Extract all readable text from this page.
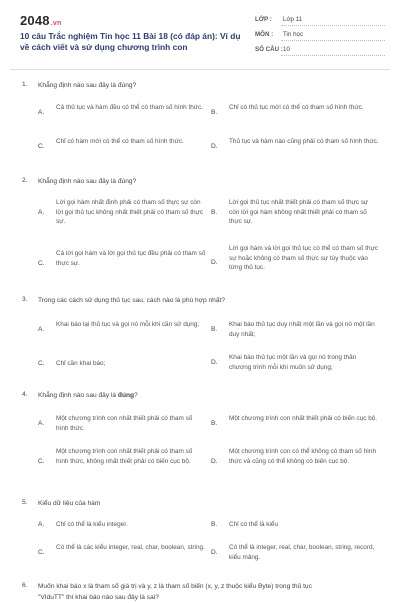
2048.vn
10 câu Trắc nghiệm Tin học 11 Bài 18 (có đáp án): Ví dụ về cách viết và sử dụng chương trình con
LỚP : Lớp 11
MÔN : Tin học
SỐ CÂU : 10
1. Khẳng định nào sau đây là đúng?
A.
Cả thủ tục và hàm đều có thể có tham số hình thức.
B.
Chỉ có thủ tục mới có thể có tham số hình thức.
C.
Chỉ có hàm mới có thể có tham số hình thức.
D.
Thủ tục và hàm nào cũng phải có tham số hình thức.
2. Khẳng định nào sau đây là đúng?
A.
Lời gọi hàm nhất định phải có tham số thực sự còn lời gọi thủ tục không nhất thiết phải có tham số thực sự.
B.
Lời gọi thủ tục nhất thiết phải có tham số thực sự còn lời gọi hàm không nhất thiết phải có tham số thực sự.
C.
Cả lời gọi hàm và lời gọi thủ tục đều phải có tham số thực sự.	D.
Lời gọi hàm và lời gọi thủ tục có thể có tham số thực sự hoặc không có tham số thực sự tùy thuộc vào từng thủ tục.
3. Trong các cách sử dụng thủ tục sau, cách nào là phù hợp nhất?
A.
Khai báo lại thủ tục và gọi nó mỗi khi cần sử dụng;
B.
Khai báo thủ tục duy nhất một lần và gọi nó một lần duy nhất;
C. Chỉ cần khai báo;	D.
Khai báo thủ tục một lần và gọi nó trong thân chương trình mỗi khi muốn sử dụng;
4. Khẳng định nào sau đây là đúng?
A.
Một chương trình con nhất thiết phải có tham số hình thức.
B.
Một chương trình con nhất thiết phải có biến cục bộ.
C.
Một chương trình con nhất thiết phải có tham số hình thức, không nhất thiết phải có biến cục bộ.	D.
Một chương trình con có thể không có tham số hình thức và cũng có thể không có biến cục bộ.
5. Kiểu dữ liệu của hàm
A. Chỉ có thể là kiểu integer.	B. Chỉ có thể là kiểu
C.
Có thể là các kiểu integer, real, char, boolean, string.
D.
Có thể là integer, real, char, boolean, string, record, kiểu mảng.
6. Muốn khai báo x là tham số giá trị và y, z là tham số biến (x, y, z thuộc kiểu Byte) trong thủ tục
"VIduTT" thì khai báo nào sau đây là sai?
